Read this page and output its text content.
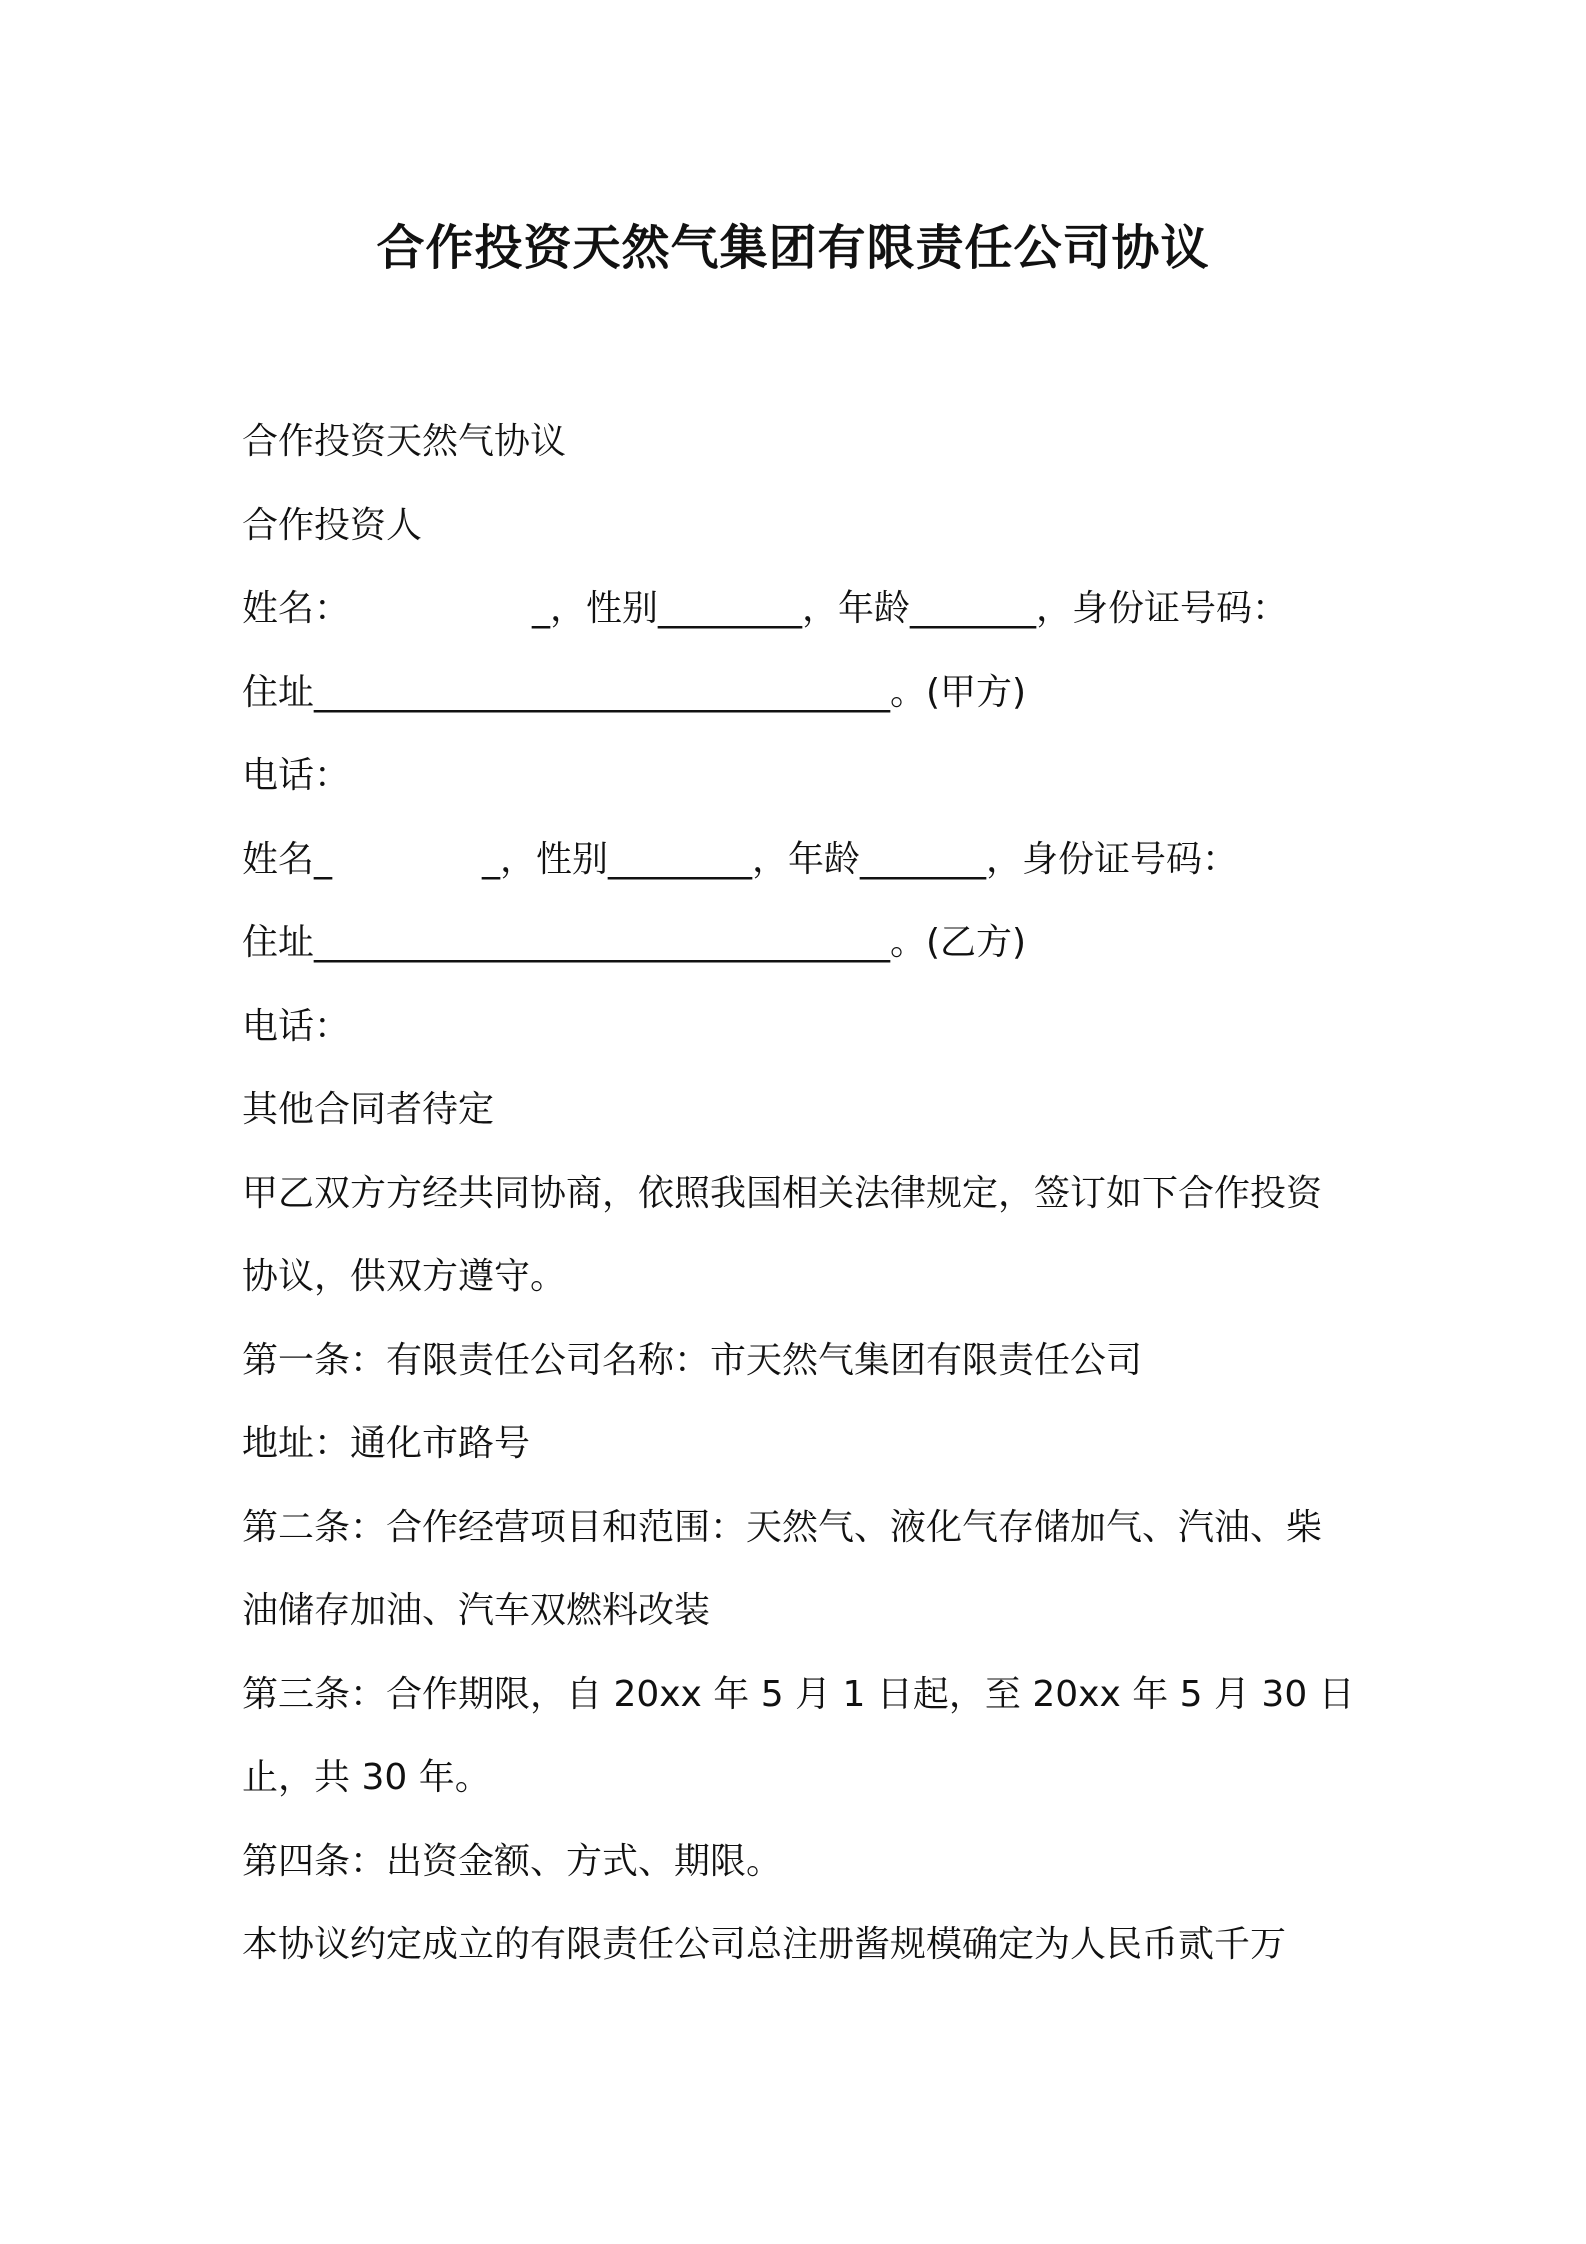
合作投资天然气集团有限责任公司协议
合作投资天然气协议
合作投资人
姓名：	_，性别________，年龄_______，身份证号码：
住址________________________________。(甲方)
电话：
姓名_	_，性别________，年龄_______，身份证号码：
住址________________________________。(乙方)
电话：
其他合同者待定
甲乙双方方经共同协商，依照我国相关法律规定，签订如下合作投资
协议，供双方遵守。
第一条：有限责任公司名称：市天然气集团有限责任公司
地址：通化市路号
第二条：合作经营项目和范围：天然气、液化气存储加气、汽油、柴
油储存加油、汽车双燃料改装
第三条：合作期限，自 20xx 年 5 月 1 日起，至 20xx 年 5 月 30 日
止，共 30 年。
第四条：出资金额、方式、期限。
本协议约定成立的有限责任公司总注册酱规模确定为人民币贰千万
